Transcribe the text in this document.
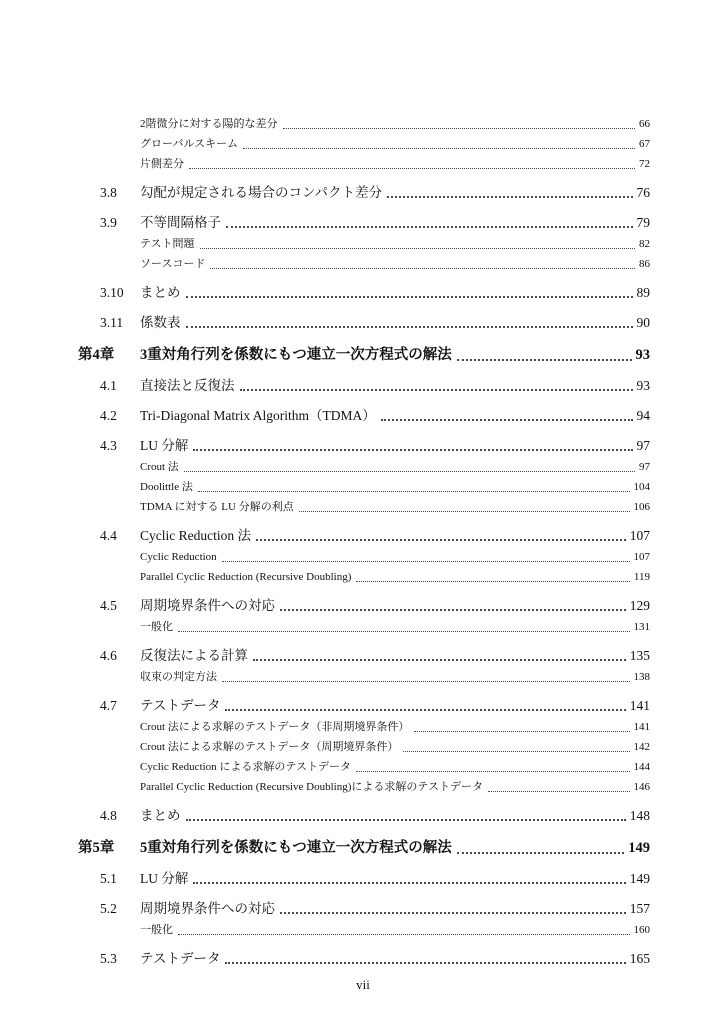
2階微分に対する陽的な差分	66
グローバルスキーム	67
片側差分	72
3.8	勾配が規定される場合のコンパクト差分	76
3.9	不等間隔格子	79
テスト問題	82
ソースコード	86
3.10	まとめ	89
3.11	係数表	90
第4章	3重対角行列を係数にもつ連立一次方程式の解法	93
4.1	直接法と反復法	93
4.2	Tri-Diagonal Matrix Algorithm（TDMA）	94
4.3	LU 分解	97
Crout 法	97
Doolittle 法	104
TDMA に対する LU 分解の利点	106
4.4	Cyclic Reduction 法	107
Cyclic Reduction	107
Parallel Cyclic Reduction (Recursive Doubling)	119
4.5	周期境界条件への対応	129
一般化	131
4.6	反復法による計算	135
収束の判定方法	138
4.7	テストデータ	141
Crout 法による求解のテストデータ（非周期境界条件）	141
Crout 法による求解のテストデータ（周期境界条件）	142
Cyclic Reduction による求解のテストデータ	144
Parallel Cyclic Reduction (Recursive Doubling)による求解のテストデータ	146
4.8	まとめ	148
第5章	5重対角行列を係数にもつ連立一次方程式の解法	149
5.1	LU 分解	149
5.2	周期境界条件への対応	157
一般化	160
5.3	テストデータ	165
vii
